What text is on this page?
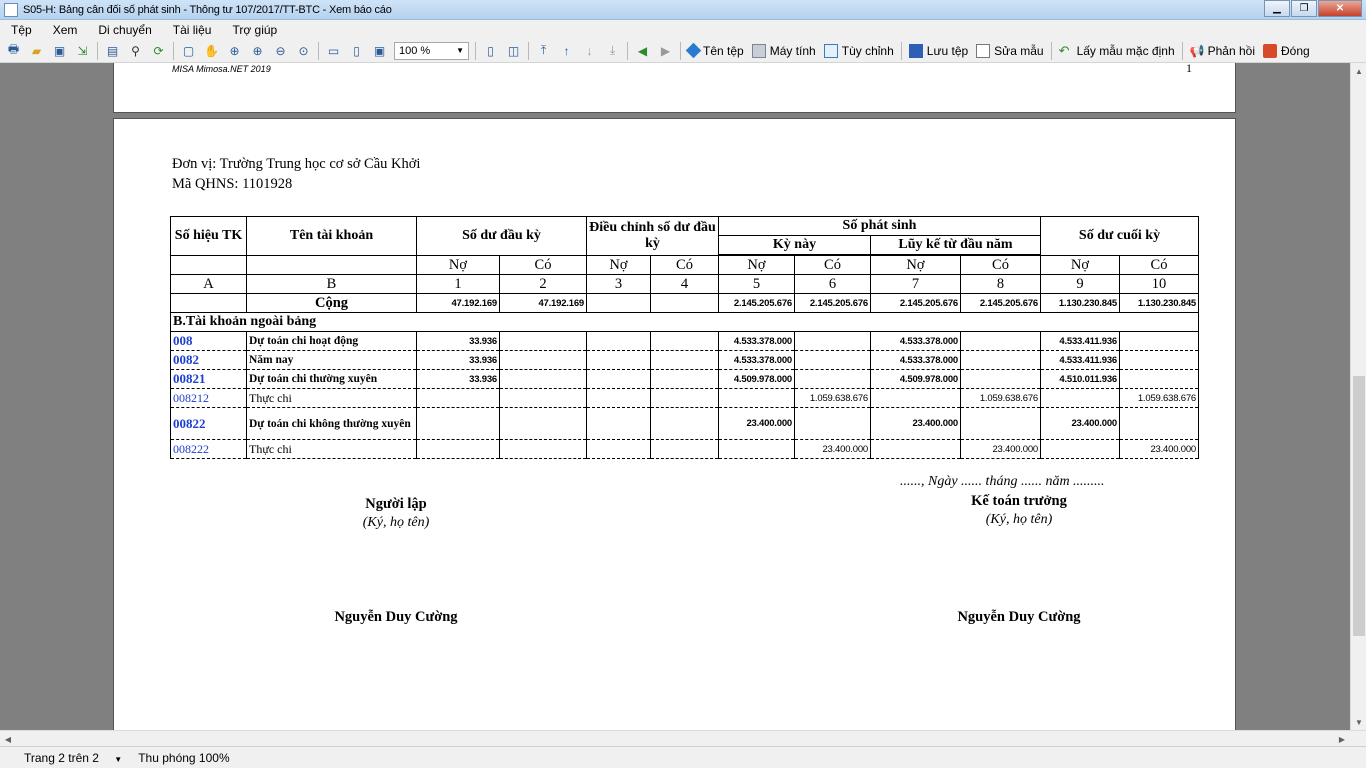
S05-H: Bảng cân đối số phát sinh - Thông tư 107/2017/TT-BTC - Xem báo cáo	▁	❐	✕
Tệp	Xem	Di chuyển	Tài liệu	Trợ giúp
🖶	▰	▣ ⇲ ▤	⚲	⟳ ▢ ✋ ⊕ ⊕ ⊖ ⊙ ▭	▯	▣ 100 %	▼	▯	◫	⤒	↑	↓	⤓	◀	▶	Tên tệp Máy tính Tùy chỉnh	Lưu tệp Sửa mẫu ↶ Lấy mẫu mặc định 📢 Phản hồi Đóng
MISA Mimosa.NET 2019	1
Đơn vị: Trường Trung học cơ sở Cầu Khởi
Mã QHNS: 1101928
Số hiệu TK	Tên tài khoản	Số dư đầu kỳ		Điều chỉnh số dư đầu kỳ		Số phát sinh				Số dư cuối kỳ	
						Kỳ này		Lũy kế từ đầu năm			

		Nợ	Có	Nợ	Có	Nợ	Có	Nợ	Có	Nợ	Có
A	B	1	2	3	4	5	6	7	8	9	10
	Cộng	47.192.169	47.192.169			2.145.205.676	2.145.205.676	2.145.205.676	2.145.205.676	1.130.230.845	1.130.230.845
B.Tài khoản ngoài bảng											
008	Dự toán chi hoạt động	33.936				4.533.378.000		4.533.378.000		4.533.411.936	
0082	Năm nay	33.936				4.533.378.000		4.533.378.000		4.533.411.936	
00821	Dự toán chi thường xuyên	33.936				4.509.978.000		4.509.978.000		4.510.011.936	
008212	Thực chi						1.059.638.676		1.059.638.676		1.059.638.676
00822	Dự toán chi không thường xuyên					23.400.000		23.400.000		23.400.000	
008222	Thực chi						23.400.000		23.400.000		23.400.000
......, Ngày ...... tháng ...... năm .........
Người lập
(Ký, họ tên)
Nguyễn Duy Cường
Kế toán trưởng
(Ký, họ tên)
Nguyễn Duy Cường
▲
▼
◀	▶
Trang 2 trên 2 ▼ Thu phóng 100%
